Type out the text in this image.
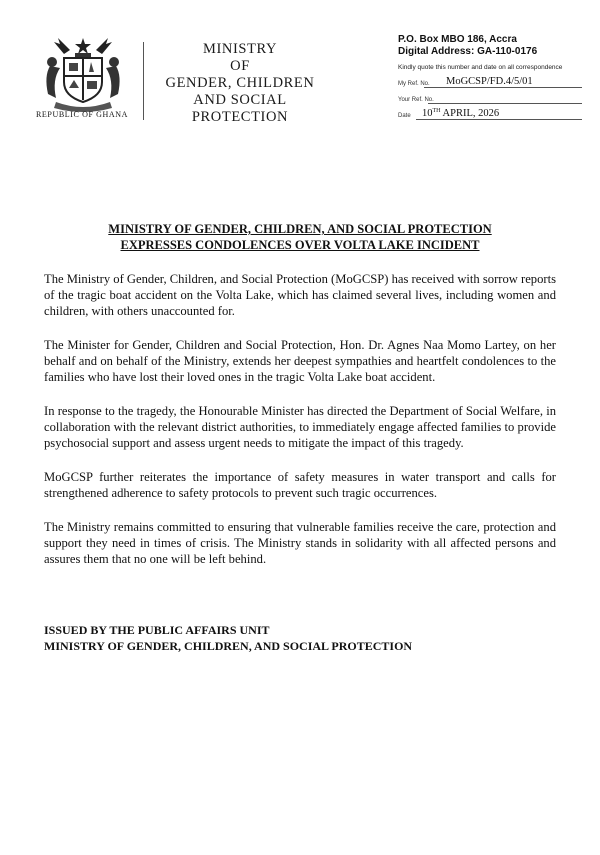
REPUBLIC OF GHANA
MINISTRY
OF
GENDER, CHILDREN
AND SOCIAL
PROTECTION
P.O. Box MBO 186, Accra
Digital Address: GA-110-0176
Kindly quote this number and date on all correspondence
My Ref. No. MoGCSP/FD.4/5/01
Your Ref. No.
Date 10TH APRIL, 2026
MINISTRY OF GENDER, CHILDREN, AND SOCIAL PROTECTION
EXPRESSES CONDOLENCES OVER VOLTA LAKE INCIDENT

The Ministry of Gender, Children, and Social Protection (MoGCSP) has received with sorrow reports of the tragic boat accident on the Volta Lake, which has claimed several lives, including women and children, with others unaccounted for.

The Minister for Gender, Children and Social Protection, Hon. Dr. Agnes Naa Momo Lartey, on her behalf and on behalf of the Ministry, extends her deepest sympathies and heartfelt condolences to the families who have lost their loved ones in the tragic Volta Lake boat accident.

In response to the tragedy, the Honourable Minister has directed the Department of Social Welfare, in collaboration with the relevant district authorities, to immediately engage affected families to provide psychosocial support and assess urgent needs to mitigate the impact of this tragedy.

MoGCSP further reiterates the importance of safety measures in water transport and calls for strengthened adherence to safety protocols to prevent such tragic occurrences.

The Ministry remains committed to ensuring that vulnerable families receive the care, protection and support they need in times of crisis. The Ministry stands in solidarity with all affected persons and assures them that no one will be left behind.

ISSUED BY THE PUBLIC AFFAIRS UNIT
MINISTRY OF GENDER, CHILDREN, AND SOCIAL PROTECTION
